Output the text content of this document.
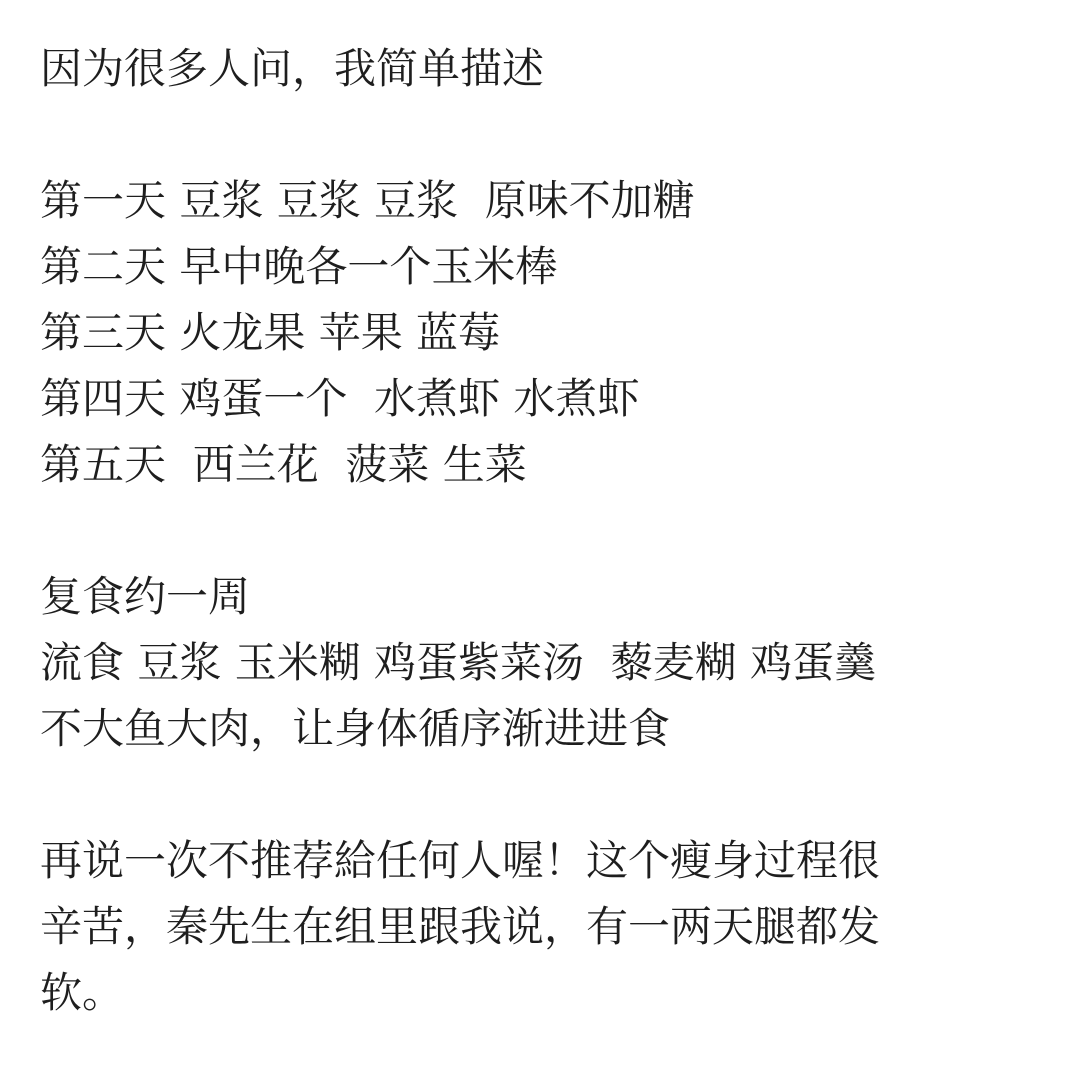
因为很多人问，我简单描述
第一天 豆浆 豆浆 豆浆  原味不加糖
第二天 早中晚各一个玉米棒
第三天 火龙果 苹果 蓝莓
第四天 鸡蛋一个  水煮虾 水煮虾
第五天  西兰花  菠菜 生菜
复食约一周
流食 豆浆 玉米糊 鸡蛋紫菜汤  藜麦糊 鸡蛋羹
不大鱼大肉，让身体循序渐进进食
再说一次不推荐給任何人喔！这个瘦身过程很
辛苦，秦先生在组里跟我说，有一两天腿都发
软。
